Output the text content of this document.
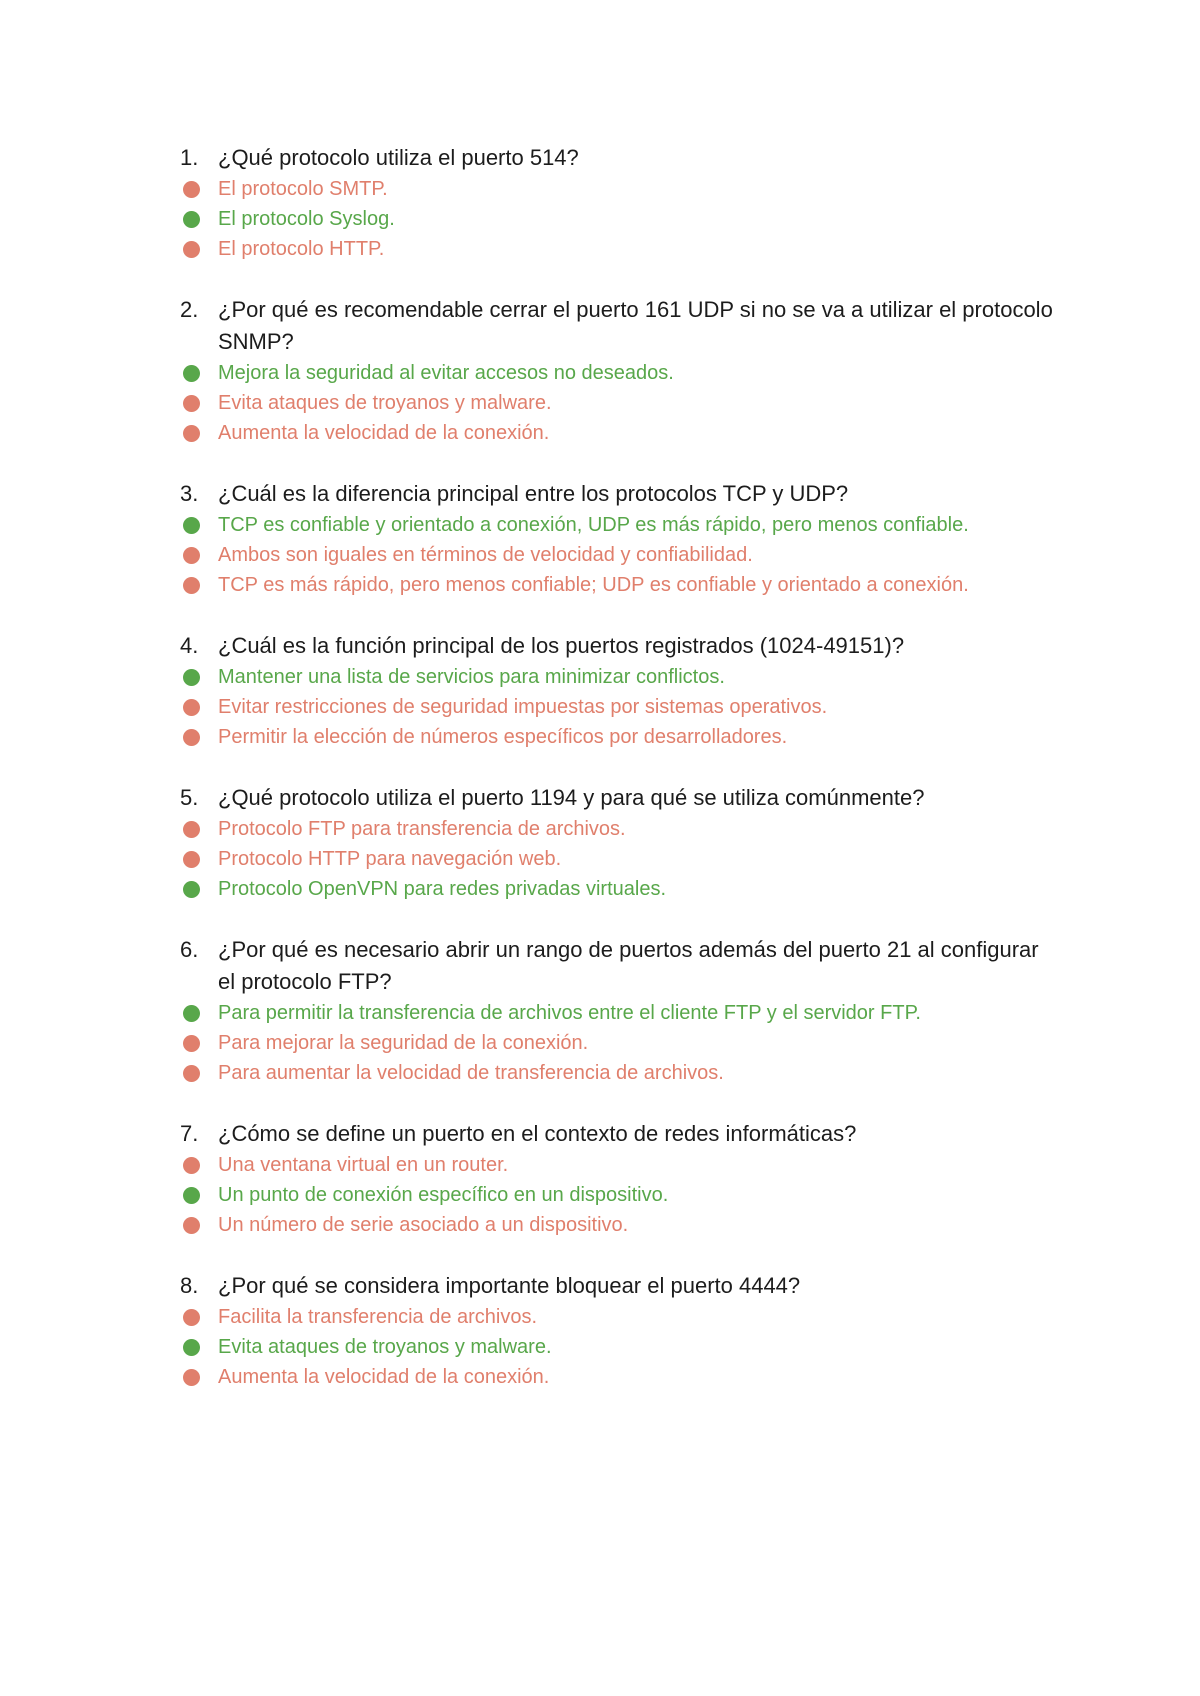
1. ¿Qué protocolo utiliza el puerto 514?
El protocolo SMTP.
El protocolo Syslog.
El protocolo HTTP.
2. ¿Por qué es recomendable cerrar el puerto 161 UDP si no se va a utilizar el protocolo SNMP?
Mejora la seguridad al evitar accesos no deseados.
Evita ataques de troyanos y malware.
Aumenta la velocidad de la conexión.
3. ¿Cuál es la diferencia principal entre los protocolos TCP y UDP?
TCP es confiable y orientado a conexión, UDP es más rápido, pero menos confiable.
Ambos son iguales en términos de velocidad y confiabilidad.
TCP es más rápido, pero menos confiable; UDP es confiable y orientado a conexión.
4. ¿Cuál es la función principal de los puertos registrados (1024-49151)?
Mantener una lista de servicios para minimizar conflictos.
Evitar restricciones de seguridad impuestas por sistemas operativos.
Permitir la elección de números específicos por desarrolladores.
5. ¿Qué protocolo utiliza el puerto 1194 y para qué se utiliza comúnmente?
Protocolo FTP para transferencia de archivos.
Protocolo HTTP para navegación web.
Protocolo OpenVPN para redes privadas virtuales.
6. ¿Por qué es necesario abrir un rango de puertos además del puerto 21 al configurar el protocolo FTP?
Para permitir la transferencia de archivos entre el cliente FTP y el servidor FTP.
Para mejorar la seguridad de la conexión.
Para aumentar la velocidad de transferencia de archivos.
7. ¿Cómo se define un puerto en el contexto de redes informáticas?
Una ventana virtual en un router.
Un punto de conexión específico en un dispositivo.
Un número de serie asociado a un dispositivo.
8. ¿Por qué se considera importante bloquear el puerto 4444?
Facilita la transferencia de archivos.
Evita ataques de troyanos y malware.
Aumenta la velocidad de la conexión.
